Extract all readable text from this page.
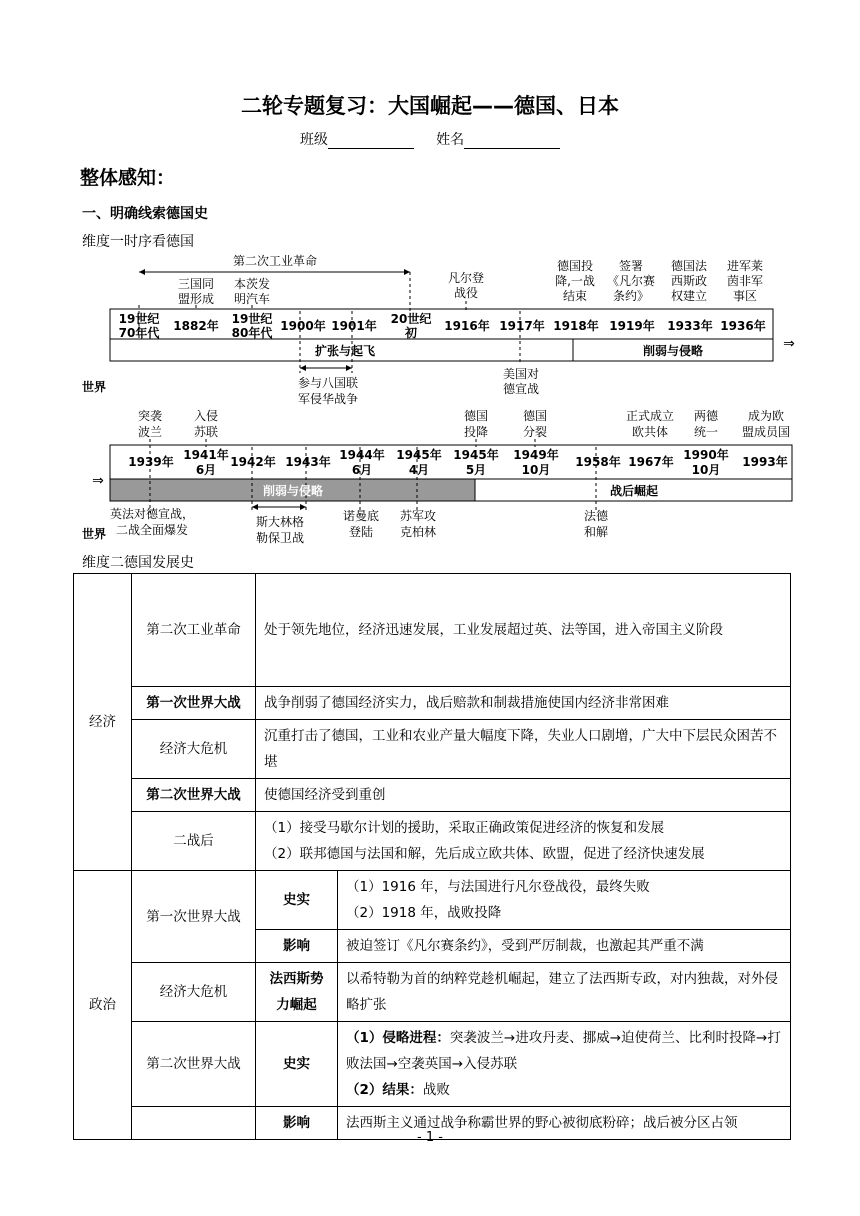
二轮专题复习：大国崛起——德国、日本
班级	姓名
整体感知：
一、明确线索德国史
维度一时序看德国
第二次工业革命
三国同
盟形成
本茨发
明汽车
凡尔登
战役
德国投
降,一战
结束
签署
《凡尔赛
条约》
德国法
西斯政
权建立
进军莱
茵非军
事区
⇒
19世纪
70年代 1882年 19世纪
80年代 1900年 1901年 20世纪
初 1916年 1917年 1918年 1919年 1933年 1936年
扩张与起飞	削弱与侵略
参与八国联
军侵华战争
美国对
德宣战
世界
突袭
波兰
入侵
苏联
德国
投降
德国
分裂
正式成立
欧共体
两德
统一
成为欧
盟成员国
⇒
1939年 1941年
6月
1942年 1943年 1944年
6月
1945年
4月
1945年
5月
1949年
10月
1958年 1967年 1990年
10月
1993年
削弱与侵略	战后崛起
英法对德宣战，
二战全面爆发
斯大林格
勒保卫战
诺曼底
登陆
苏军攻
克柏林
法德
和解
世界
维度二德国发展史
经济	第二次工业革命	处于领先地位，经济迅速发展，工业发展超过英、法等国，进入帝国主义阶段	
	第一次世界大战	战争削弱了德国经济实力，战后赔款和制裁措施使国内经济非常困难	
	经济大危机	沉重打击了德国，工业和农业产量大幅度下降，失业人口剧增，广大中下层民众困苦不堪	
	第二次世界大战	使德国经济受到重创	
	二战后	（1）接受马歇尔计划的援助，采取正确政策促进经济的恢复和发展
（2）联邦德国与法国和解，先后成立欧共体、欧盟，促进了经济快速发展	

政治	第一次世界大战	史实	（1）1916 年，与法国进行凡尔登战役，最终失败
（2）1918 年，战败投降

		影响	被迫签订《凡尔赛条约》，受到严厉制裁，也激起其严重不满
	经济大危机	法西斯势
力崛起	以希特勒为首的纳粹党趁机崛起，建立了法西斯专政，对内独裁，对外侵略扩张
	第二次世界大战	史实	（1）侵略进程：突袭波兰→进攻丹麦、挪威→迫使荷兰、比利时投降→打败法国→空袭英国→入侵苏联
（2）结果：战败

		影响	法西斯主义通过战争称霸世界的野心被彻底粉碎；战后被分区占领
- 1 -
